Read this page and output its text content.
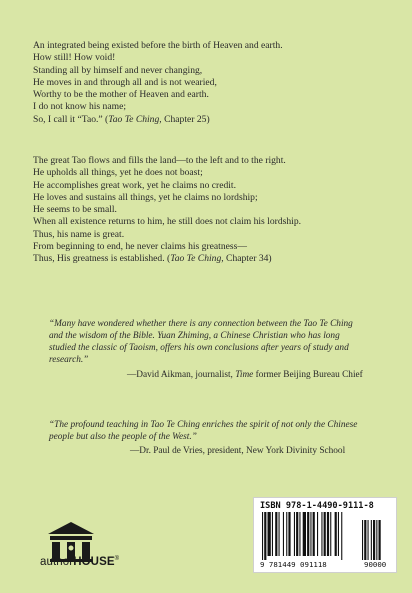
An integrated being existed before the birth of Heaven and earth.
How still! How void!
Standing all by himself and never changing,
He moves in and through all and is not wearied,
Worthy to be the mother of Heaven and earth.
I do not know his name;
So, I call it “Tao.” (Tao Te Ching, Chapter 25)
The great Tao flows and fills the land—to the left and to the right.
He upholds all things, yet he does not boast;
He accomplishes great work, yet he claims no credit.
He loves and sustains all things, yet he claims no lordship;
He seems to be small.
When all existence returns to him, he still does not claim his lordship.
Thus, his name is great.
From beginning to end, he never claims his greatness—
Thus, His greatness is established. (Tao Te Ching, Chapter 34)
“Many have wondered whether there is any connection between the Tao Te Ching
and the wisdom of the Bible. Yuan Zhiming, a Chinese Christian who has long
studied the classic of Taoism, offers his own conclusions after years of study and
research.”
—David Aikman, journalist, Time former Beijing Bureau Chief
“The profound teaching in Tao Te Ching enriches the spirit of not only the Chinese
people but also the people of the West.”
—Dr. Paul de Vries, president, New York Divinity School
authorHOUSE®
ISBN 978-1-4490-9111-8
9 781449 091118	90000
